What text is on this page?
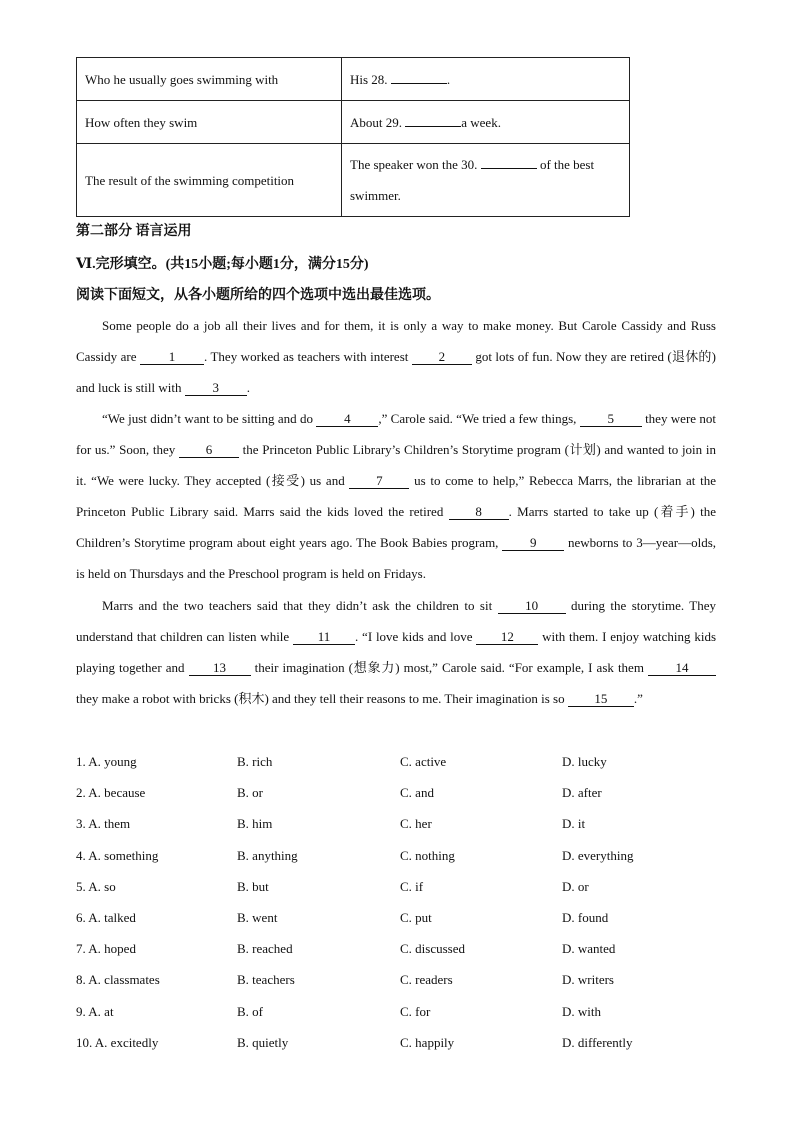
Who he usually goes swimming with	His 28. .
How often they swim	About 29. a week.
The result of the swimming competition	The speaker won the 30. of the best
swimmer.
第二部分 语言运用
Ⅵ.完形填空。(共15小题;每小题1分，满分15分)
阅读下面短文，从各小题所给的四个选项中选出最佳选项。
Some people do a job all their lives and for them, it is only a way to make money. But Carole Cassidy and Russ Cassidy are 1 . They worked as teachers with interest 2 got lots of fun. Now they are retired (退休的) and luck is still with 3 .
“We just didn’t want to be sitting and do 4 ,” Carole said. “We tried a few things, 5 they were not for us.” Soon, they 6 the Princeton Public Library’s Children’s Storytime program (计划) and wanted to join in it. “We were lucky. They accepted (接受) us and 7 us to come to help,” Rebecca Marrs, the librarian at the Princeton Public Library said. Marrs said the kids loved the retired 8 . Marrs started to take up (着手) the Children’s Storytime program about eight years ago. The Book Babies program, 9 newborns to 3—year—olds, is held on Thursdays and the Preschool program is held on Fridays.
Marrs and the two teachers said that they didn’t ask the children to sit 10 during the storytime. They understand that children can listen while 11 . “I love kids and love 12 with them. I enjoy watching kids playing together and 13 their imagination (想象力) most,” Carole said. “For example, I ask them 14 they make a robot with bricks (积木) and they tell their reasons to me. Their imagination is so 15 .”
1. A. young	B. rich	C. active	D. lucky
2. A. because	B. or	C. and	D. after
3. A. them	B. him	C. her	D. it
4. A. something	B. anything	C. nothing	D. everything
5. A. so	B. but	C. if	D. or
6. A. talked	B. went	C. put	D. found
7. A. hoped	B. reached	C. discussed	D. wanted
8. A. classmates	B. teachers	C. readers	D. writers
9. A. at	B. of	C. for	D. with
10. A. excitedly	B. quietly	C. happily	D. differently
